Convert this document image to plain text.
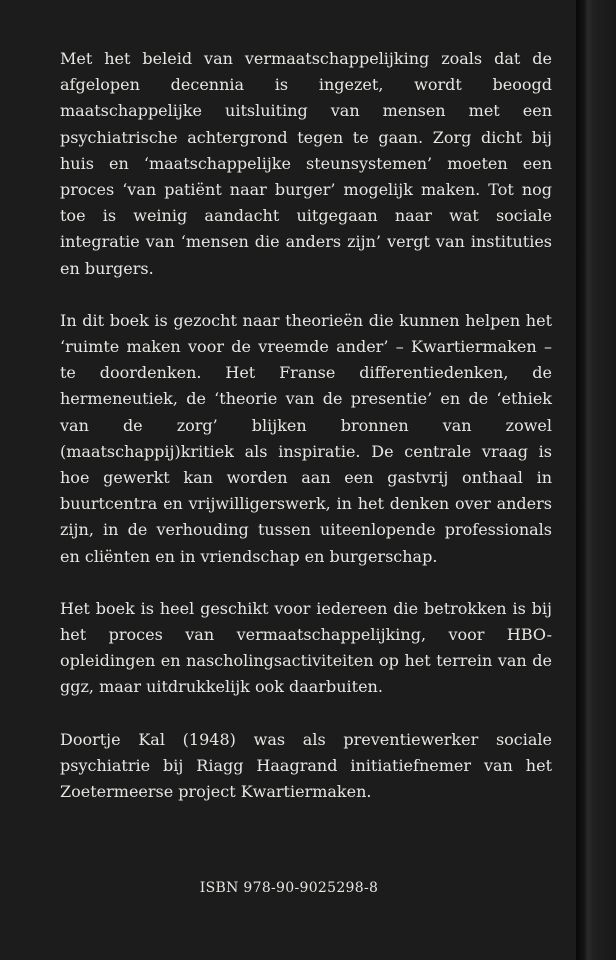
Met het beleid van vermaatschappelijking zoals dat de afgelopen decennia is ingezet, wordt beoogd maatschappelijke uitsluiting van mensen met een psychiatrische achtergrond tegen te gaan. Zorg dicht bij huis en ‘maatschappelijke steunsystemen’ moeten een proces ‘van patiënt naar burger’ mogelijk maken. Tot nog toe is weinig aandacht uitgegaan naar wat sociale integratie van ‘mensen die anders zijn’ vergt van instituties en burgers.

In dit boek is gezocht naar theorieën die kunnen helpen het ‘ruimte maken voor de vreemde ander’ – Kwartiermaken – te doordenken. Het Franse differentiedenken, de hermeneutiek, de ‘theorie van de presentie’ en de ‘ethiek van de zorg’ blijken bronnen van zowel (maatschappij)kritiek als inspiratie. De centrale vraag is hoe gewerkt kan worden aan een gastvrij onthaal in buurtcentra en vrijwilligerswerk, in het denken over anders zijn, in de verhouding tussen uiteenlopende professionals en cliënten en in vriendschap en burgerschap.

Het boek is heel geschikt voor iedereen die betrokken is bij het proces van vermaatschappelijking, voor HBO-opleidingen en nascholingsactiviteiten op het terrein van de ggz, maar uitdrukkelijk ook daarbuiten.

Doortje Kal (1948) was als preventiewerker sociale psychiatrie bij Riagg Haagrand initiatiefnemer van het Zoetermeerse project Kwartiermaken.

ISBN 978-90-9025298-8
